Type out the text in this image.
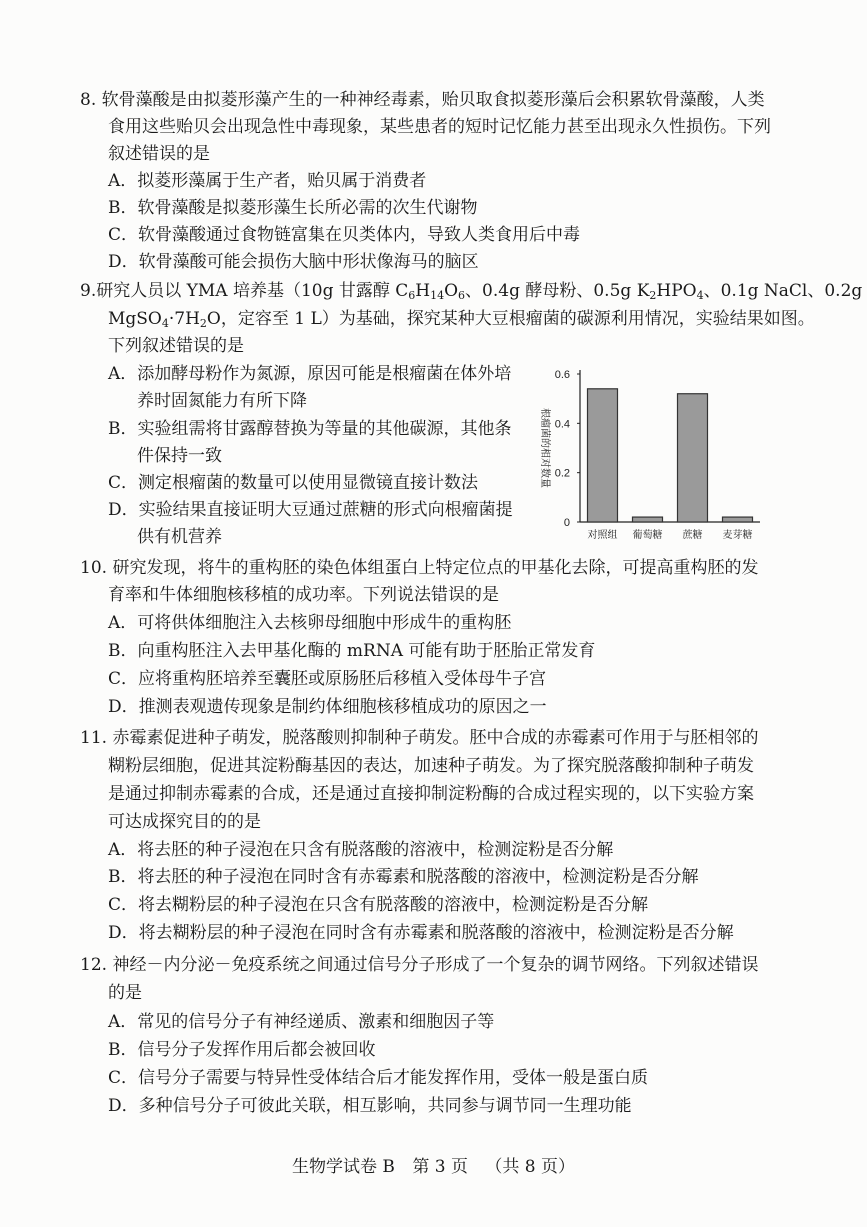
8. 软骨藻酸是由拟菱形藻产生的一种神经毒素，贻贝取食拟菱形藻后会积累软骨藻酸，人类
食用这些贻贝会出现急性中毒现象，某些患者的短时记忆能力甚至出现永久性损伤。下列
叙述错误的是
A．拟菱形藻属于生产者，贻贝属于消费者
B．软骨藻酸是拟菱形藻生长所必需的次生代谢物
C．软骨藻酸通过食物链富集在贝类体内，导致人类食用后中毒
D．软骨藻酸可能会损伤大脑中形状像海马的脑区
9.研究人员以 YMA 培养基（10g 甘露醇 $C_6H_{14}O_6$、0.4g 酵母粉、0.5g $K_2HPO_4$、0.1g NaCl、0.2g
$MgSO_4\cdot 7H_2O$，定容至 1 L）为基础，探究某种大豆根瘤菌的碳源利用情况，实验结果如图。
下列叙述错误的是
A．添加酵母粉作为氮源，原因可能是根瘤菌在体外培
养时固氮能力有所下降
B．实验组需将甘露醇替换为等量的其他碳源，其他条
件保持一致
C．测定根瘤菌的数量可以使用显微镜直接计数法
D．实验结果直接证明大豆通过蔗糖的形式向根瘤菌提
供有机营养
0
0.2
0.4
0.6
根瘤菌的相对数量
对照组 葡萄糖 蔗糖 麦芽糖
10. 研究发现，将牛的重构胚的染色体组蛋白上特定位点的甲基化去除，可提高重构胚的发
育率和牛体细胞核移植的成功率。下列说法错误的是
A．可将供体细胞注入去核卵母细胞中形成牛的重构胚
B．向重构胚注入去甲基化酶的 mRNA 可能有助于胚胎正常发育
C．应将重构胚培养至囊胚或原肠胚后移植入受体母牛子宫
D．推测表观遗传现象是制约体细胞核移植成功的原因之一
11. 赤霉素促进种子萌发，脱落酸则抑制种子萌发。胚中合成的赤霉素可作用于与胚相邻的
糊粉层细胞，促进其淀粉酶基因的表达，加速种子萌发。为了探究脱落酸抑制种子萌发
是通过抑制赤霉素的合成，还是通过直接抑制淀粉酶的合成过程实现的，以下实验方案
可达成探究目的的是
A．将去胚的种子浸泡在只含有脱落酸的溶液中，检测淀粉是否分解
B．将去胚的种子浸泡在同时含有赤霉素和脱落酸的溶液中，检测淀粉是否分解
C．将去糊粉层的种子浸泡在只含有脱落酸的溶液中，检测淀粉是否分解
D．将去糊粉层的种子浸泡在同时含有赤霉素和脱落酸的溶液中，检测淀粉是否分解
12. 神经－内分泌－免疫系统之间通过信号分子形成了一个复杂的调节网络。下列叙述错误
的是
A．常见的信号分子有神经递质、激素和细胞因子等
B．信号分子发挥作用后都会被回收
C．信号分子需要与特异性受体结合后才能发挥作用，受体一般是蛋白质
D．多种信号分子可彼此关联，相互影响，共同参与调节同一生理功能
生物学试卷 B 第 3 页 （共 8 页）
